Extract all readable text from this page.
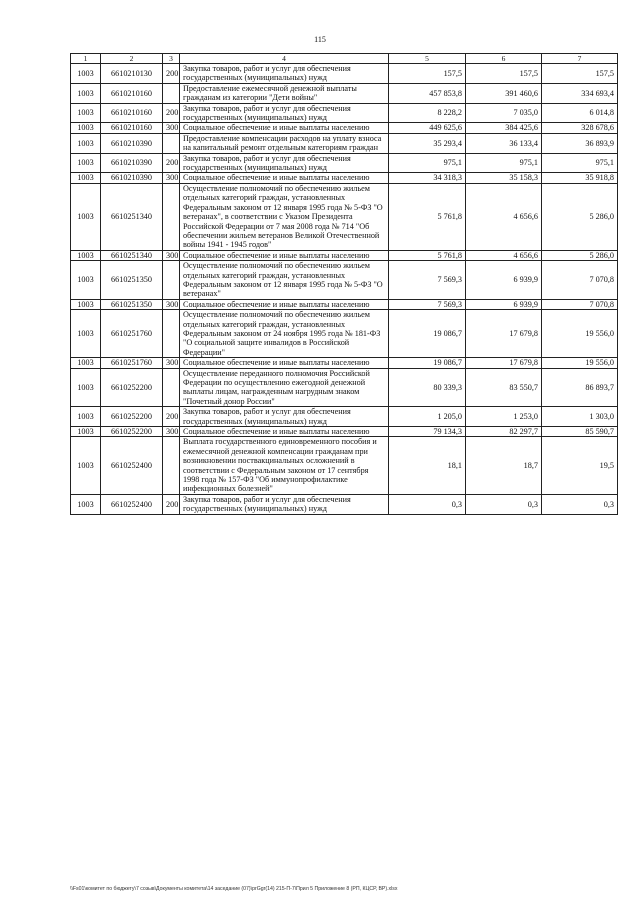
115
1	2	3	4	5	6	7
1003	6610210130	200	Закупка товаров, работ и услуг для обеспечения государственных (муниципальных) нужд	157,5	157,5	157,5
1003	6610210160		Предоставление ежемесячной денежной выплаты гражданам из категории "Дети войны"	457 853,8	391 460,6	334 693,4
1003	6610210160	200	Закупка товаров, работ и услуг для обеспечения государственных (муниципальных) нужд	8 228,2	7 035,0	6 014,8
1003	6610210160	300	Социальное обеспечение и иные выплаты населению	449 625,6	384 425,6	328 678,6
1003	6610210390		Предоставление компенсации расходов на уплату взноса на капитальный ремонт отдельным категориям граждан	35 293,4	36 133,4	36 893,9
1003	6610210390	200	Закупка товаров, работ и услуг для обеспечения государственных (муниципальных) нужд	975,1	975,1	975,1
1003	6610210390	300	Социальное обеспечение и иные выплаты населению	34 318,3	35 158,3	35 918,8
1003	6610251340		Осуществление полномочий по обеспечению жильем отдельных категорий граждан, установленных Федеральным законом от 12 января 1995 года № 5-ФЗ "О ветеранах", в соответствии с Указом Президента Российской Федерации от 7 мая 2008 года № 714 "Об обеспечении жильем ветеранов Великой Отечественной войны 1941 - 1945 годов"	5 761,8	4 656,6	5 286,0
1003	6610251340	300	Социальное обеспечение и иные выплаты населению	5 761,8	4 656,6	5 286,0
1003	6610251350		Осуществление полномочий по обеспечению жильем отдельных категорий граждан, установленных Федеральным законом от 12 января 1995 года № 5-ФЗ "О ветеранах"	7 569,3	6 939,9	7 070,8
1003	6610251350	300	Социальное обеспечение и иные выплаты населению	7 569,3	6 939,9	7 070,8
1003	6610251760		Осуществление полномочий по обеспечению жильем отдельных категорий граждан, установленных Федеральным законом от 24 ноября 1995 года № 181-ФЗ "О социальной защите инвалидов в Российской Федерации"	19 086,7	17 679,8	19 556,0
1003	6610251760	300	Социальное обеспечение и иные выплаты населению	19 086,7	17 679,8	19 556,0
1003	6610252200		Осуществление переданного полномочия Российской Федерации по осуществлению ежегодной денежной выплаты лицам, награжденным нагрудным знаком "Почетный донор России"	80 339,3	83 550,7	86 893,7
1003	6610252200	200	Закупка товаров, работ и услуг для обеспечения государственных (муниципальных) нужд	1 205,0	1 253,0	1 303,0
1003	6610252200	300	Социальное обеспечение и иные выплаты населению	79 134,3	82 297,7	85 590,7
1003	6610252400		Выплата государственного единовременного пособия и ежемесячной денежной компенсации гражданам при возникновении поствакцинальных осложнений в соответствии с Федеральным законом от 17 сентября 1998 года № 157-ФЗ "Об иммунопрофилактике инфекционных болезней"	18,1	18,7	19,5
1003	6610252400	200	Закупка товаров, работ и услуг для обеспечения государственных (муниципальных) нужд	0,3	0,3	0,3
\\Fs01\комитет по бюджету\7 созыв\Документы комитета\14 заседание (07)\prGgr(14) 215-П-7\Прил 5 Приложение 8 (РП, КЦСР, ВР).xlsx
